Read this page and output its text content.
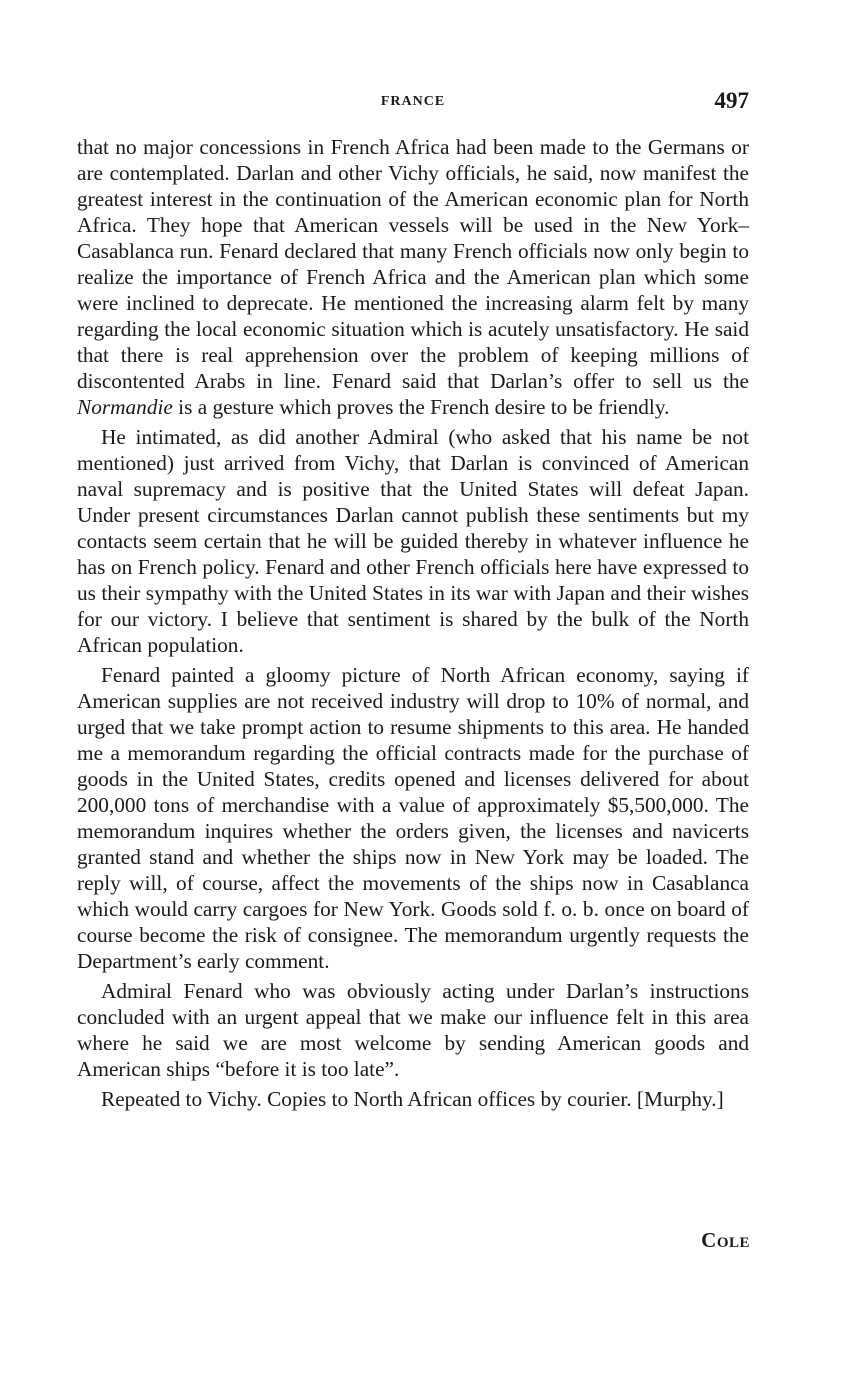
FRANCE	497

that no major concessions in French Africa had been made to the Germans or are contemplated. Darlan and other Vichy officials, he said, now manifest the greatest interest in the continuation of the American economic plan for North Africa. They hope that American vessels will be used in the New York–Casablanca run. Fenard declared that many French officials now only begin to realize the importance of French Africa and the American plan which some were inclined to deprecate. He mentioned the increasing alarm felt by many regarding the local economic situation which is acutely unsatisfactory. He said that there is real apprehension over the problem of keeping millions of discontented Arabs in line. Fenard said that Darlan’s offer to sell us the Normandie is a gesture which proves the French desire to be friendly.

He intimated, as did another Admiral (who asked that his name be not mentioned) just arrived from Vichy, that Darlan is convinced of American naval supremacy and is positive that the United States will defeat Japan. Under present circumstances Darlan cannot publish these sentiments but my contacts seem certain that he will be guided thereby in whatever influence he has on French policy. Fenard and other French officials here have expressed to us their sympathy with the United States in its war with Japan and their wishes for our victory. I believe that sentiment is shared by the bulk of the North African population.

Fenard painted a gloomy picture of North African economy, saying if American supplies are not received industry will drop to 10% of normal, and urged that we take prompt action to resume shipments to this area. He handed me a memorandum regarding the official contracts made for the purchase of goods in the United States, credits opened and licenses delivered for about 200,000 tons of merchandise with a value of approximately $5,500,000. The memorandum inquires whether the orders given, the licenses and navicerts granted stand and whether the ships now in New York may be loaded. The reply will, of course, affect the movements of the ships now in Casablanca which would carry cargoes for New York. Goods sold f. o. b. once on board of course become the risk of consignee. The memorandum urgently requests the Department’s early comment.

Admiral Fenard who was obviously acting under Darlan’s instructions concluded with an urgent appeal that we make our influence felt in this area where he said we are most welcome by sending American goods and American ships “before it is too late”.

Repeated to Vichy. Copies to North African offices by courier. [Murphy.]

Cole
